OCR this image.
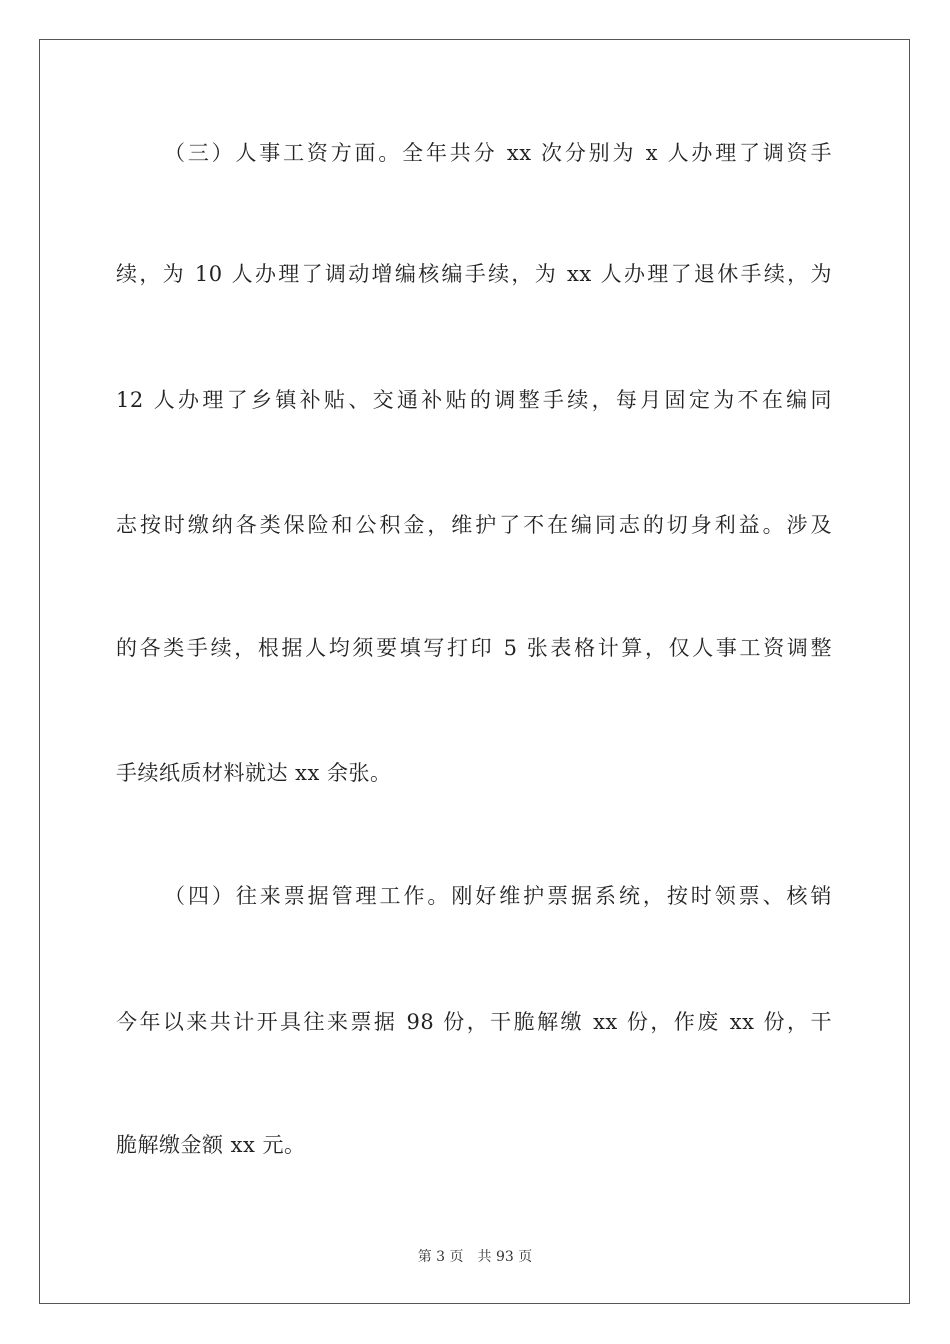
（三）人事工资方面。全年共分 xx 次分别为 x 人办理了调资手
续，为 10 人办理了调动增编核编手续，为 xx 人办理了退休手续，为
12 人办理了乡镇补贴、交通补贴的调整手续，每月固定为不在编同
志按时缴纳各类保险和公积金，维护了不在编同志的切身利益。涉及
的各类手续，根据人均须要填写打印 5 张表格计算，仅人事工资调整
手续纸质材料就达 xx 余张。
（四）往来票据管理工作。刚好维护票据系统，按时领票、核销
今年以来共计开具往来票据 98 份，干脆解缴 xx 份，作废 xx 份，干
脆解缴金额 xx 元。
第 3 页 共 93 页
